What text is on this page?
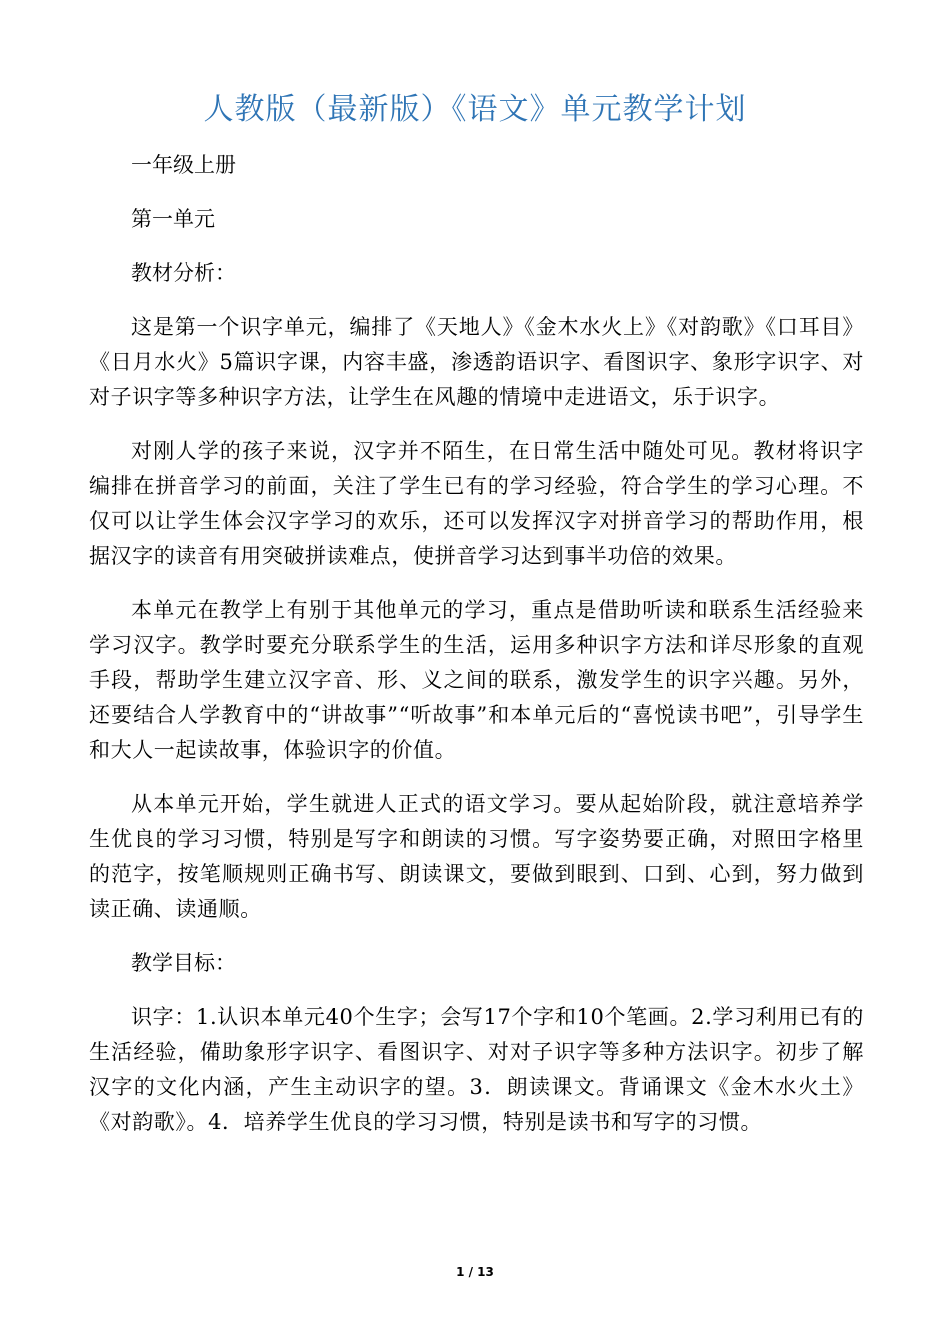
人教版（最新版）《语文》单元教学计划

一年级上册

第一单元

教材分析：

这是第一个识字单元，编排了《天地人》《金木水火上》《对韵歌》《口耳目》《日月水火》5篇识字课，内容丰盛，渗透韵语识字、看图识字、象形字识字、对对子识字等多种识字方法，让学生在风趣的情境中走进语文，乐于识字。

对刚人学的孩子来说，汉字并不陌生，在日常生活中随处可见。教材将识字编排在拼音学习的前面，关注了学生已有的学习经验，符合学生的学习心理。不仅可以让学生体会汉字学习的欢乐，还可以发挥汉字对拼音学习的帮助作用，根据汉字的读音有用突破拼读难点，使拼音学习达到事半功倍的效果。

本单元在教学上有别于其他单元的学习，重点是借助听读和联系生活经验来学习汉字。教学时要充分联系学生的生活，运用多种识字方法和详尽形象的直观手段，帮助学生建立汉字音、形、义之间的联系，激发学生的识字兴趣。另外，还要结合人学教育中的“讲故事”“听故事”和本单元后的“喜悦读书吧”，引导学生和大人一起读故事，体验识字的价值。

从本单元开始，学生就进人正式的语文学习。要从起始阶段，就注意培养学生优良的学习习惯，特别是写字和朗读的习惯。写字姿势要正确，对照田字格里的范字，按笔顺规则正确书写、朗读课文，要做到眼到、口到、心到，努力做到读正确、读通顺。

教学目标：

识字：1.认识本单元40个生字；会写17个字和10个笔画。2.学习利用已有的生活经验，備助象形字识字、看图识字、对对子识字等多种方法识字。初步了解汉字的文化内涵，产生主动识字的望。3．朗读课文。背诵课文《金木水火土》《对韵歌》。4．培养学生优良的学习习惯，特别是读书和写字的习惯。

1 / 13
